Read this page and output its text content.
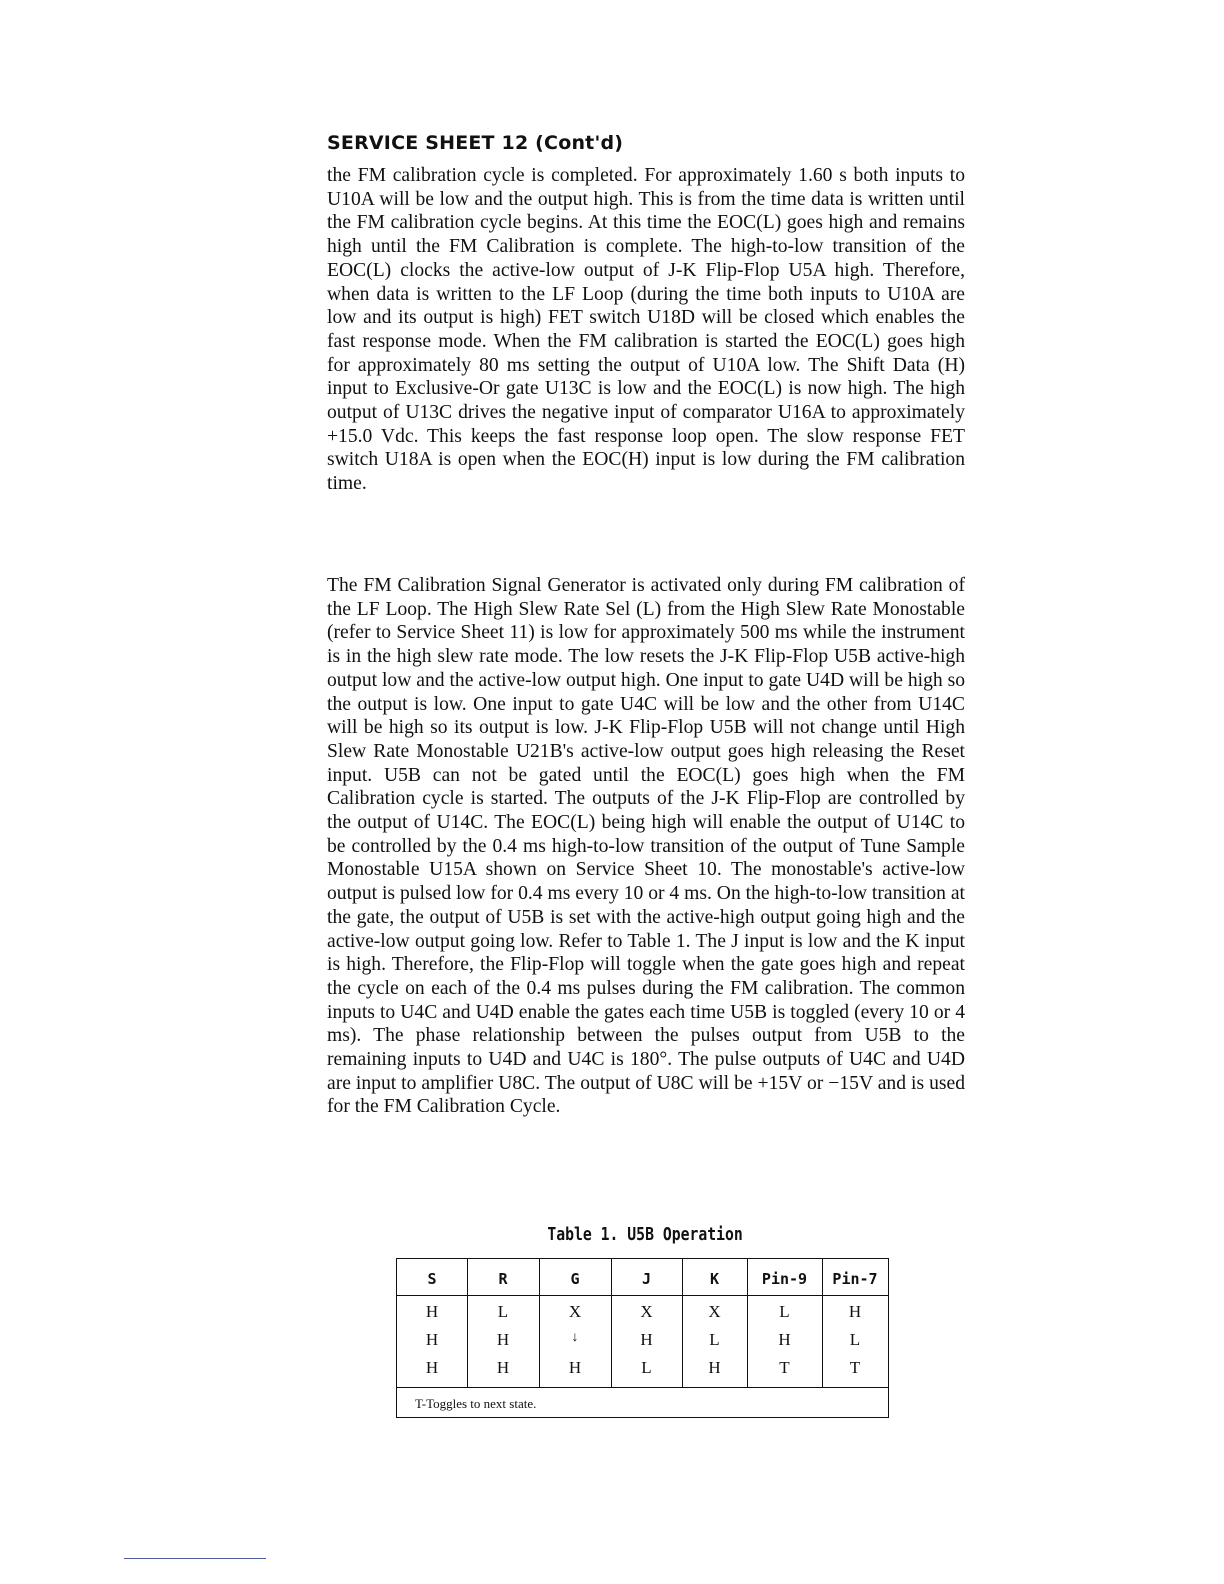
SERVICE SHEET 12 (Cont'd)

the FM calibration cycle is completed. For approximately 1.60 s both inputs to U10A will be low and the output high. This is from the time data is written until the FM calibration cycle begins. At this time the EOC(L) goes high and remains high until the FM Calibration is complete. The high-to-low transition of the EOC(L) clocks the active-low output of J-K Flip-Flop U5A high. Therefore, when data is written to the LF Loop (during the time both inputs to U10A are low and its output is high) FET switch U18D will be closed which enables the fast response mode. When the FM calibration is started the EOC(L) goes high for approximately 80 ms setting the output of U10A low. The Shift Data (H) input to Exclusive-Or gate U13C is low and the EOC(L) is now high. The high output of U13C drives the negative input of comparator U16A to approximately +15.0 Vdc. This keeps the fast response loop open. The slow response FET switch U18A is open when the EOC(H) input is low during the FM calibration time.

The FM Calibration Signal Generator is activated only during FM calibration of the LF Loop. The High Slew Rate Sel (L) from the High Slew Rate Monostable (refer to Service Sheet 11) is low for approximately 500 ms while the instrument is in the high slew rate mode. The low resets the J-K Flip-Flop U5B active-high output low and the active-low output high. One input to gate U4D will be high so the output is low. One input to gate U4C will be low and the other from U14C will be high so its output is low. J-K Flip-Flop U5B will not change until High Slew Rate Monostable U21B's active-low output goes high releasing the Reset input. U5B can not be gated until the EOC(L) goes high when the FM Calibration cycle is started. The outputs of the J-K Flip-Flop are controlled by the output of U14C. The EOC(L) being high will enable the output of U14C to be controlled by the 0.4 ms high-to-low transition of the output of Tune Sample Monostable U15A shown on Service Sheet 10. The monostable's active-low output is pulsed low for 0.4 ms every 10 or 4 ms. On the high-to-low transition at the gate, the output of U5B is set with the active-high output going high and the active-low output going low. Refer to Table 1. The J input is low and the K input is high. Therefore, the Flip-Flop will toggle when the gate goes high and repeat the cycle on each of the 0.4 ms pulses during the FM calibration. The common inputs to U4C and U4D enable the gates each time U5B is toggled (every 10 or 4 ms). The phase relationship between the pulses output from U5B to the remaining inputs to U4D and U4C is 180°. The pulse outputs of U4C and U4D are input to amplifier U8C. The output of U8C will be +15V or −15V and is used for the FM Calibration Cycle.

Table 1. U5B Operation
S	R	G	J	K	Pin-9	Pin-7
H	L	X	X	X	L	H
H	H	↓	H	L	H	L
H	H	H	L	H	T	T
T-Toggles to next state.
